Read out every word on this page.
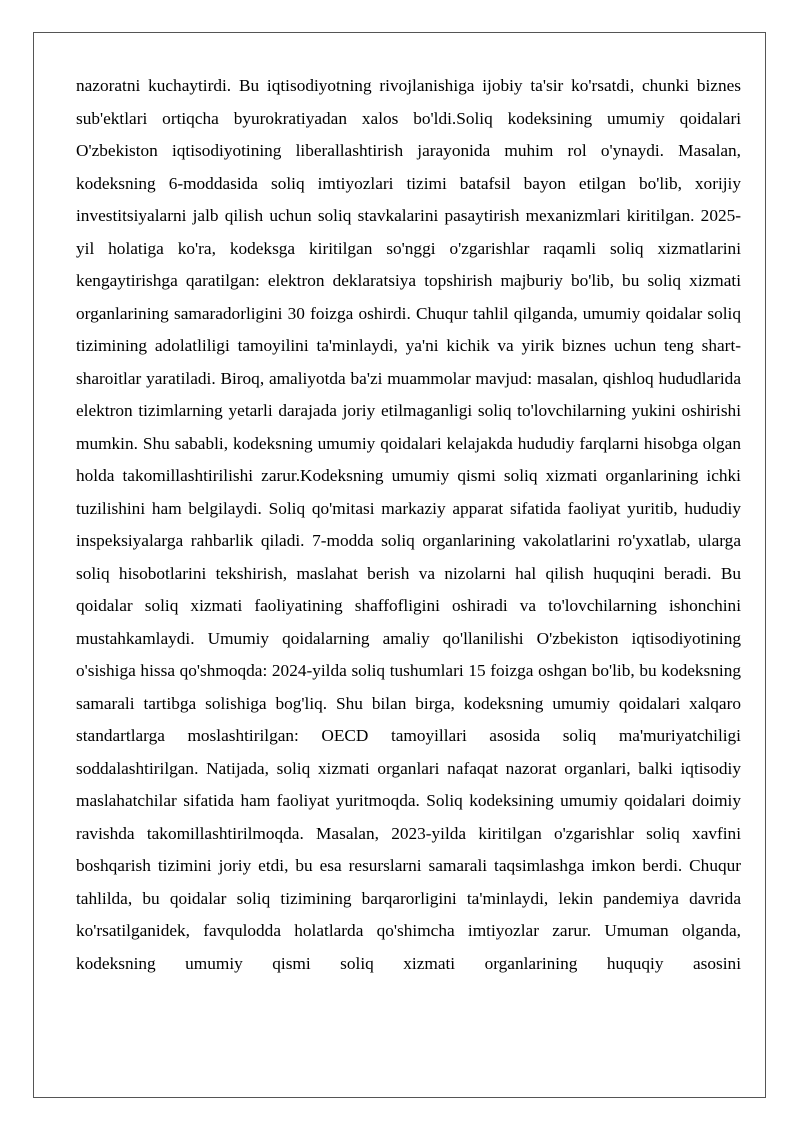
nazoratni kuchaytirdi. Bu iqtisodiyotning rivojlanishiga ijobiy ta'sir ko'rsatdi, chunki biznes sub'ektlari ortiqcha byurokratiyadan xalos bo'ldi.Soliq kodeksining umumiy qoidalari O'zbekiston iqtisodiyotining liberallashtirish jarayonida muhim rol o'ynaydi. Masalan, kodeksning 6-moddasida soliq imtiyozlari tizimi batafsil bayon etilgan bo'lib, xorijiy investitsiyalarni jalb qilish uchun soliq stavkalarini pasaytirish mexanizmlari kiritilgan. 2025-yil holatiga ko'ra, kodeksga kiritilgan so'nggi o'zgarishlar raqamli soliq xizmatlarini kengaytirishga qaratilgan: elektron deklaratsiya topshirish majburiy bo'lib, bu soliq xizmati organlarining samaradorligini 30 foizga oshirdi. Chuqur tahlil qilganda, umumiy qoidalar soliq tizimining adolatliligi tamoyilini ta'minlaydi, ya'ni kichik va yirik biznes uchun teng shart-sharoitlar yaratiladi. Biroq, amaliyotda ba'zi muammolar mavjud: masalan, qishloq hududlarida elektron tizimlarning yetarli darajada joriy etilmaganligi soliq to'lovchilarning yukini oshirishi mumkin. Shu sababli, kodeksning umumiy qoidalari kelajakda hududiy farqlarni hisobga olgan holda takomillashtirilishi zarur.Kodeksning umumiy qismi soliq xizmati organlarining ichki tuzilishini ham belgilaydi. Soliq qo'mitasi markaziy apparat sifatida faoliyat yuritib, hududiy inspeksiyalarga rahbarlik qiladi. 7-modda soliq organlarining vakolatlarini ro'yxatlab, ularga soliq hisobotlarini tekshirish, maslahat berish va nizolarni hal qilish huquqini beradi. Bu qoidalar soliq xizmati faoliyatining shaffofligini oshiradi va to'lovchilarning ishonchini mustahkamlaydi. Umumiy qoidalarning amaliy qo'llanilishi O'zbekiston iqtisodiyotining o'sishiga hissa qo'shmoqda: 2024-yilda soliq tushumlari 15 foizga oshgan bo'lib, bu kodeksning samarali tartibga solishiga bog'liq. Shu bilan birga, kodeksning umumiy qoidalari xalqaro standartlarga moslashtirilgan: OECD tamoyillari asosida soliq ma'muriyatchiligi soddalashtirilgan. Natijada, soliq xizmati organlari nafaqat nazorat organlari, balki iqtisodiy maslahatchilar sifatida ham faoliyat yuritmoqda. Soliq kodeksining umumiy qoidalari doimiy ravishda takomillashtirilmoqda. Masalan, 2023-yilda kiritilgan o'zgarishlar soliq xavfini boshqarish tizimini joriy etdi, bu esa resurslarni samarali taqsimlashga imkon berdi. Chuqur tahlilda, bu qoidalar soliq tizimining barqarorligini ta'minlaydi, lekin pandemiya davrida ko'rsatilganidek, favqulodda holatlarda qo'shimcha imtiyozlar zarur. Umuman olganda, kodeksning umumiy qismi soliq xizmati organlarining huquqiy asosini
